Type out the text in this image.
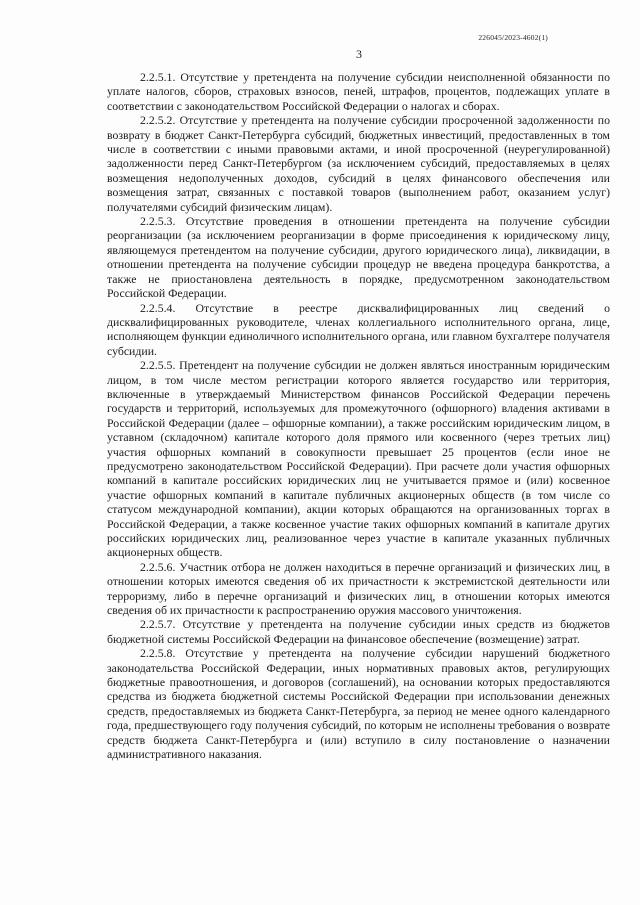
226045/2023-4602(1)
3

2.2.5.1. Отсутствие у претендента на получение субсидии неисполненной обязанности по уплате налогов, сборов, страховых взносов, пеней, штрафов, процентов, подлежащих уплате в соответствии с законодательством Российской Федерации о налогах и сборах.

2.2.5.2. Отсутствие у претендента на получение субсидии просроченной задолженности по возврату в бюджет Санкт-Петербурга субсидий, бюджетных инвестиций, предоставленных в том числе в соответствии с иными правовыми актами, и иной просроченной (неурегулированной) задолженности перед Санкт-Петербургом (за исключением субсидий, предоставляемых в целях возмещения недополученных доходов, субсидий в целях финансового обеспечения или возмещения затрат, связанных с поставкой товаров (выполнением работ, оказанием услуг) получателями субсидий физическим лицам).

2.2.5.3. Отсутствие проведения в отношении претендента на получение субсидии реорганизации (за исключением реорганизации в форме присоединения к юридическому лицу, являющемуся претендентом на получение субсидии, другого юридического лица), ликвидации, в отношении претендента на получение субсидии процедур не введена процедура банкротства, а также не приостановлена деятельность в порядке, предусмотренном законодательством Российской Федерации.

2.2.5.4. Отсутствие в реестре дисквалифицированных лиц сведений о дисквалифицированных руководителе, членах коллегиального исполнительного органа, лице, исполняющем функции единоличного исполнительного органа, или главном бухгалтере получателя субсидии.

2.2.5.5. Претендент на получение субсидии не должен являться иностранным юридическим лицом, в том числе местом регистрации которого является государство или территория, включенные в утверждаемый Министерством финансов Российской Федерации перечень государств и территорий, используемых для промежуточного (офшорного) владения активами в Российской Федерации (далее – офшорные компании), а также российским юридическим лицом, в уставном (складочном) капитале которого доля прямого или косвенного (через третьих лиц) участия офшорных компаний в совокупности превышает 25 процентов (если иное не предусмотрено законодательством Российской Федерации). При расчете доли участия офшорных компаний в капитале российских юридических лиц не учитывается прямое и (или) косвенное участие офшорных компаний в капитале публичных акционерных обществ (в том числе со статусом международной компании), акции которых обращаются на организованных торгах в Российской Федерации, а также косвенное участие таких офшорных компаний в капитале других российских юридических лиц, реализованное через участие в капитале указанных публичных акционерных обществ.

2.2.5.6. Участник отбора не должен находиться в перечне организаций и физических лиц, в отношении которых имеются сведения об их причастности к экстремистской деятельности или терроризму, либо в перечне организаций и физических лиц, в отношении которых имеются сведения об их причастности к распространению оружия массового уничтожения.

2.2.5.7. Отсутствие у претендента на получение субсидии иных средств из бюджетов бюджетной системы Российской Федерации на финансовое обеспечение (возмещение) затрат.

2.2.5.8. Отсутствие у претендента на получение субсидии нарушений бюджетного законодательства Российской Федерации, иных нормативных правовых актов, регулирующих бюджетные правоотношения, и договоров (соглашений), на основании которых предоставляются средства из бюджета бюджетной системы Российской Федерации при использовании денежных средств, предоставляемых из бюджета Санкт-Петербурга, за период не менее одного календарного года, предшествующего году получения субсидий, по которым не исполнены требования о возврате средств бюджета Санкт-Петербурга и (или) вступило в силу постановление о назначении административного наказания.
